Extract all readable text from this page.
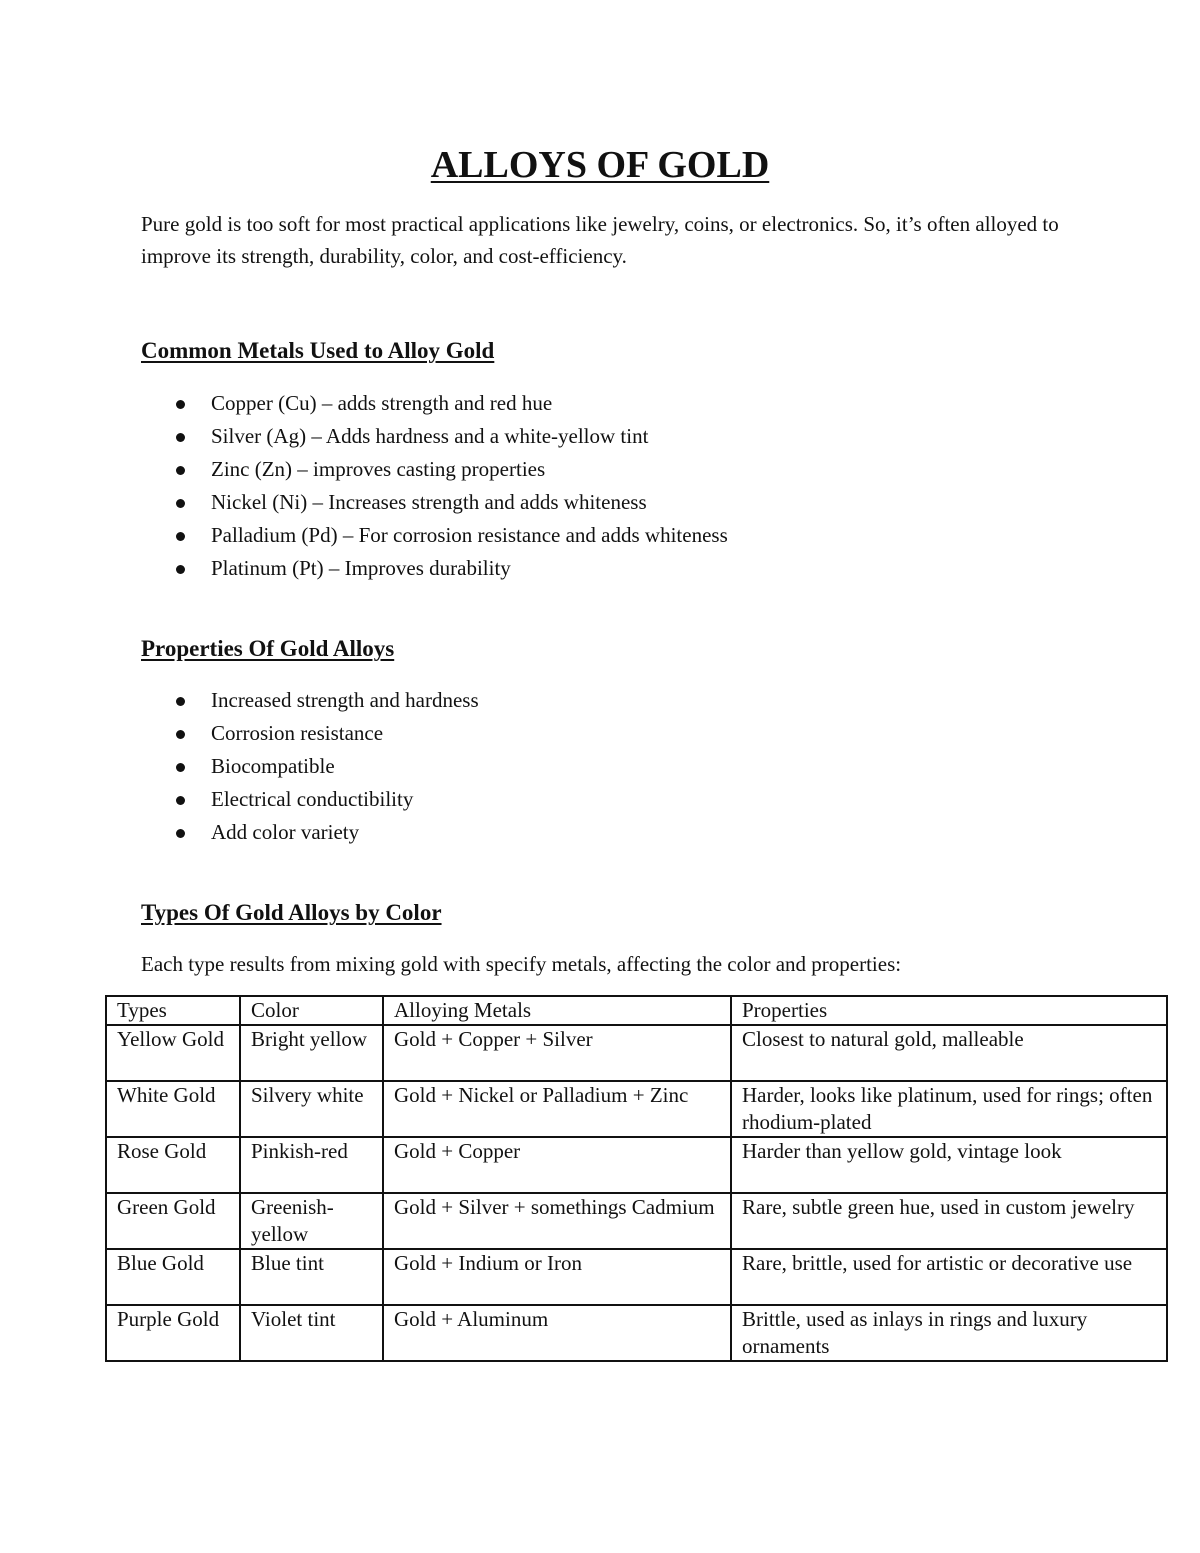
ALLOYS OF GOLD

Pure gold is too soft for most practical applications like jewelry, coins, or electronics. So, it’s often alloyed to improve its strength, durability, color, and cost-efficiency.

Common Metals Used to Alloy Gold
Copper (Cu) – adds strength and red hue
Silver (Ag) – Adds hardness and a white-yellow tint
Zinc (Zn) – improves casting properties
Nickel (Ni) – Increases strength and adds whiteness
Palladium (Pd) – For corrosion resistance and adds whiteness
Platinum (Pt) – Improves durability
Properties Of Gold Alloys
Increased strength and hardness
Corrosion resistance
Biocompatible
Electrical conductibility
Add color variety
Types Of Gold Alloys by Color

Each type results from mixing gold with specify metals, affecting the color and properties:

Types	Color	Alloying Metals	Properties
Yellow Gold	Bright yellow	Gold + Copper + Silver	Closest to natural gold, malleable
White Gold	Silvery white	Gold + Nickel or Palladium + Zinc	Harder, looks like platinum, used for rings; often rhodium-plated
Rose Gold	Pinkish-red	Gold + Copper	Harder than yellow gold, vintage look
Green Gold	Greenish-yellow	Gold + Silver + somethings Cadmium	Rare, subtle green hue, used in custom jewelry
Blue Gold	Blue tint	Gold + Indium or Iron	Rare, brittle, used for artistic or decorative use
Purple Gold	Violet tint	Gold + Aluminum	Brittle, used as inlays in rings and luxury ornaments
